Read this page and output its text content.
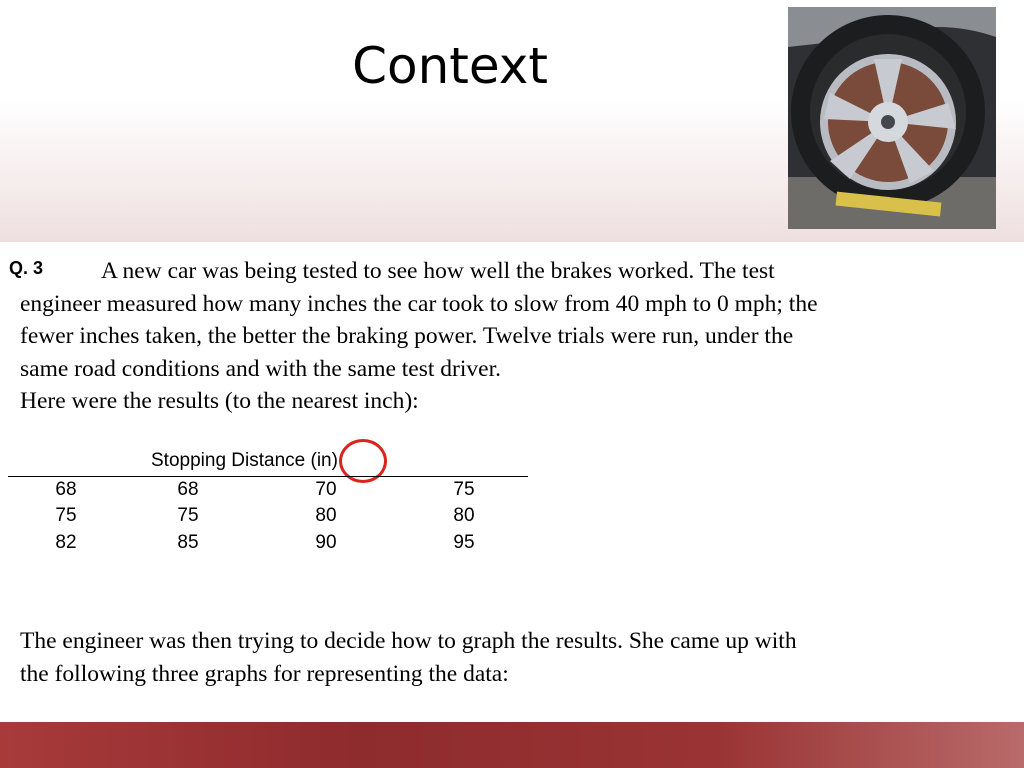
Context
Q. 3	A new car was being tested to see how well the brakes worked. The test
engineer measured how many inches the car took to slow from 40 mph to 0 mph; the
fewer inches taken, the better the braking power. Twelve trials were run, under the
same road conditions and with the same test driver.
Here were the results (to the nearest inch):
Stopping Distance (in)
68	68	70	75
75	75	80	80
82	85	90	95
The engineer was then trying to decide how to graph the results. She came up with
the following three graphs for representing the data:
